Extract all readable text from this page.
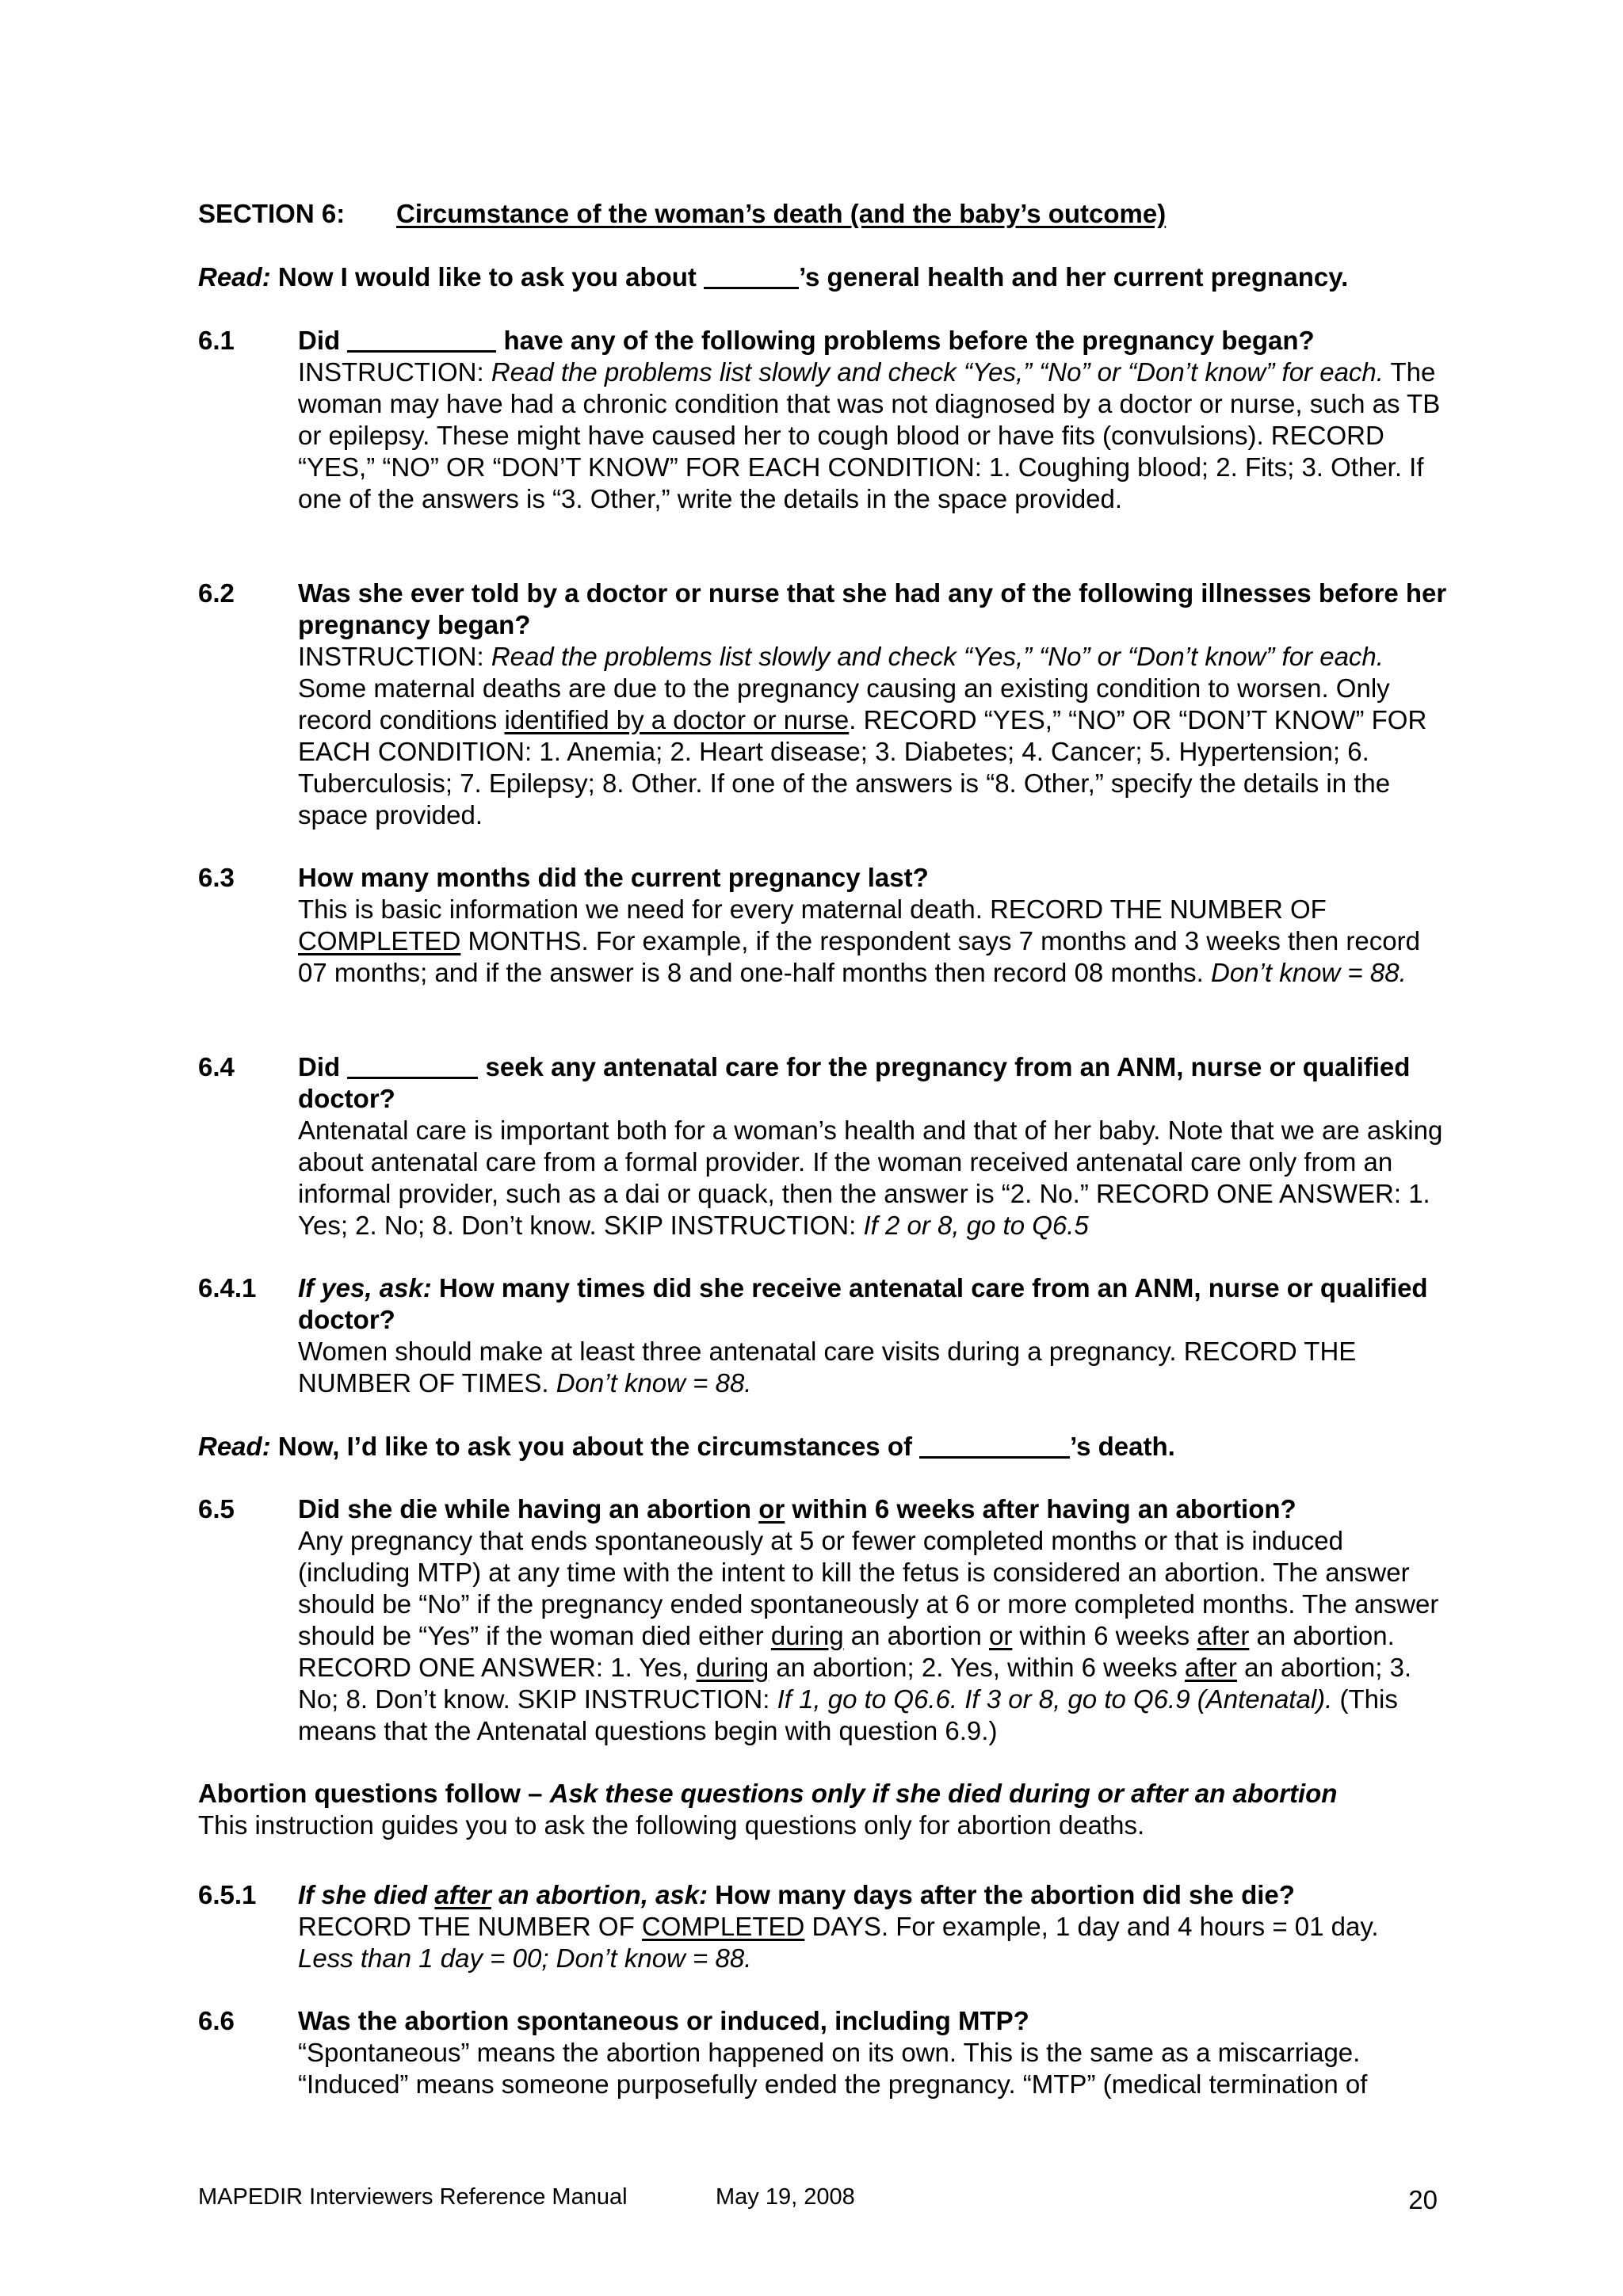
SECTION 6: Circumstance of the woman’s death (and the baby’s outcome)
Read: Now I would like to ask you about	’s general health and her current pregnancy.
6.1	Did	have any of the following problems before the pregnancy began?
INSTRUCTION: Read the problems list slowly and check “Yes,” “No” or “Don’t know” for each. The woman may have had a chronic condition that was not diagnosed by a doctor or nurse, such as TB or epilepsy. These might have caused her to cough blood or have fits (convulsions). RECORD “YES,” “NO” OR “DON’T KNOW” FOR EACH CONDITION: 1. Coughing blood; 2. Fits; 3. Other. If one of the answers is “3. Other,” write the details in the space provided.
6.2	Was she ever told by a doctor or nurse that she had any of the following illnesses before her pregnancy began?
INSTRUCTION: Read the problems list slowly and check “Yes,” “No” or “Don’t know” for each. Some maternal deaths are due to the pregnancy causing an existing condition to worsen. Only record conditions identified by a doctor or nurse. RECORD “YES,” “NO” OR “DON’T KNOW” FOR EACH CONDITION: 1. Anemia; 2. Heart disease; 3. Diabetes; 4. Cancer; 5. Hypertension; 6. Tuberculosis; 7. Epilepsy; 8. Other. If one of the answers is “8. Other,” specify the details in the space provided.
6.3	How many months did the current pregnancy last?
This is basic information we need for every maternal death. RECORD THE NUMBER OF COMPLETED MONTHS. For example, if the respondent says 7 months and 3 weeks then record 07 months; and if the answer is 8 and one-half months then record 08 months. Don’t know = 88.
6.4	Did	seek any antenatal care for the pregnancy from an ANM, nurse or qualified doctor?
Antenatal care is important both for a woman’s health and that of her baby. Note that we are asking about antenatal care from a formal provider. If the woman received antenatal care only from an informal provider, such as a dai or quack, then the answer is “2. No.” RECORD ONE ANSWER: 1. Yes; 2. No; 8. Don’t know. SKIP INSTRUCTION: If 2 or 8, go to Q6.5
6.4.1	If yes, ask: How many times did she receive antenatal care from an ANM, nurse or qualified doctor?
Women should make at least three antenatal care visits during a pregnancy. RECORD THE NUMBER OF TIMES. Don’t know = 88.
Read: Now, I’d like to ask you about the circumstances of	’s death.
6.5	Did she die while having an abortion or within 6 weeks after having an abortion?
Any pregnancy that ends spontaneously at 5 or fewer completed months or that is induced (including MTP) at any time with the intent to kill the fetus is considered an abortion. The answer should be “No” if the pregnancy ended spontaneously at 6 or more completed months. The answer should be “Yes” if the woman died either during an abortion or within 6 weeks after an abortion. RECORD ONE ANSWER: 1. Yes, during an abortion; 2. Yes, within 6 weeks after an abortion; 3. No; 8. Don’t know. SKIP INSTRUCTION: If 1, go to Q6.6. If 3 or 8, go to Q6.9 (Antenatal). (This means that the Antenatal questions begin with question 6.9.)
Abortion questions follow – Ask these questions only if she died during or after an abortion
This instruction guides you to ask the following questions only for abortion deaths.
6.5.1	If she died after an abortion, ask: How many days after the abortion did she die?
RECORD THE NUMBER OF COMPLETED DAYS. For example, 1 day and 4 hours = 01 day.
Less than 1 day = 00; Don’t know = 88.
6.6	Was the abortion spontaneous or induced, including MTP?
“Spontaneous” means the abortion happened on its own. This is the same as a miscarriage. “Induced” means someone purposefully ended the pregnancy. “MTP” (medical termination of
MAPEDIR Interviewers Reference Manual	May 19, 2008	20
